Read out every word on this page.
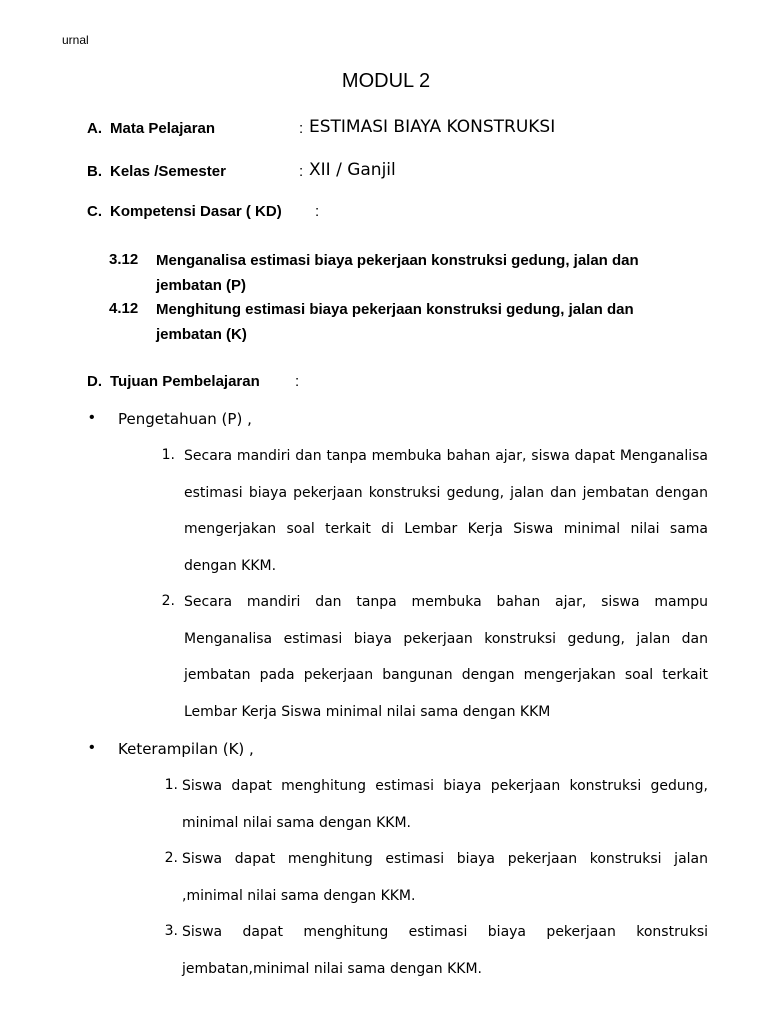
urnal
MODUL 2
A. Mata Pelajaran	: ESTIMASI BIAYA KONSTRUKSI
B. Kelas /Semester	: XII / Ganjil
C. Kompetensi Dasar ( KD) :
3.12 Menganalisa estimasi biaya pekerjaan konstruksi gedung, jalan dan jembatan (P)
4.12 Menghitung estimasi biaya pekerjaan konstruksi gedung, jalan dan jembatan (K)
D. Tujuan Pembelajaran :
• Pengetahuan (P) ,
1. Secara mandiri dan tanpa membuka bahan ajar, siswa dapat Menganalisa estimasi biaya pekerjaan konstruksi gedung, jalan dan jembatan dengan mengerjakan soal terkait di Lembar Kerja Siswa minimal nilai sama dengan KKM.

2. Secara mandiri dan tanpa membuka bahan ajar, siswa mampu Menganalisa estimasi biaya pekerjaan konstruksi gedung, jalan dan jembatan pada pekerjaan bangunan dengan mengerjakan soal terkait Lembar Kerja Siswa minimal nilai sama dengan KKM

• Keterampilan (K) ,
1. Siswa dapat menghitung estimasi biaya pekerjaan konstruksi gedung, minimal nilai sama dengan KKM.

2. Siswa dapat menghitung estimasi biaya pekerjaan konstruksi jalan ,minimal nilai sama dengan KKM.

3. Siswa dapat menghitung estimasi biaya pekerjaan konstruksi jembatan,minimal nilai sama dengan KKM.
